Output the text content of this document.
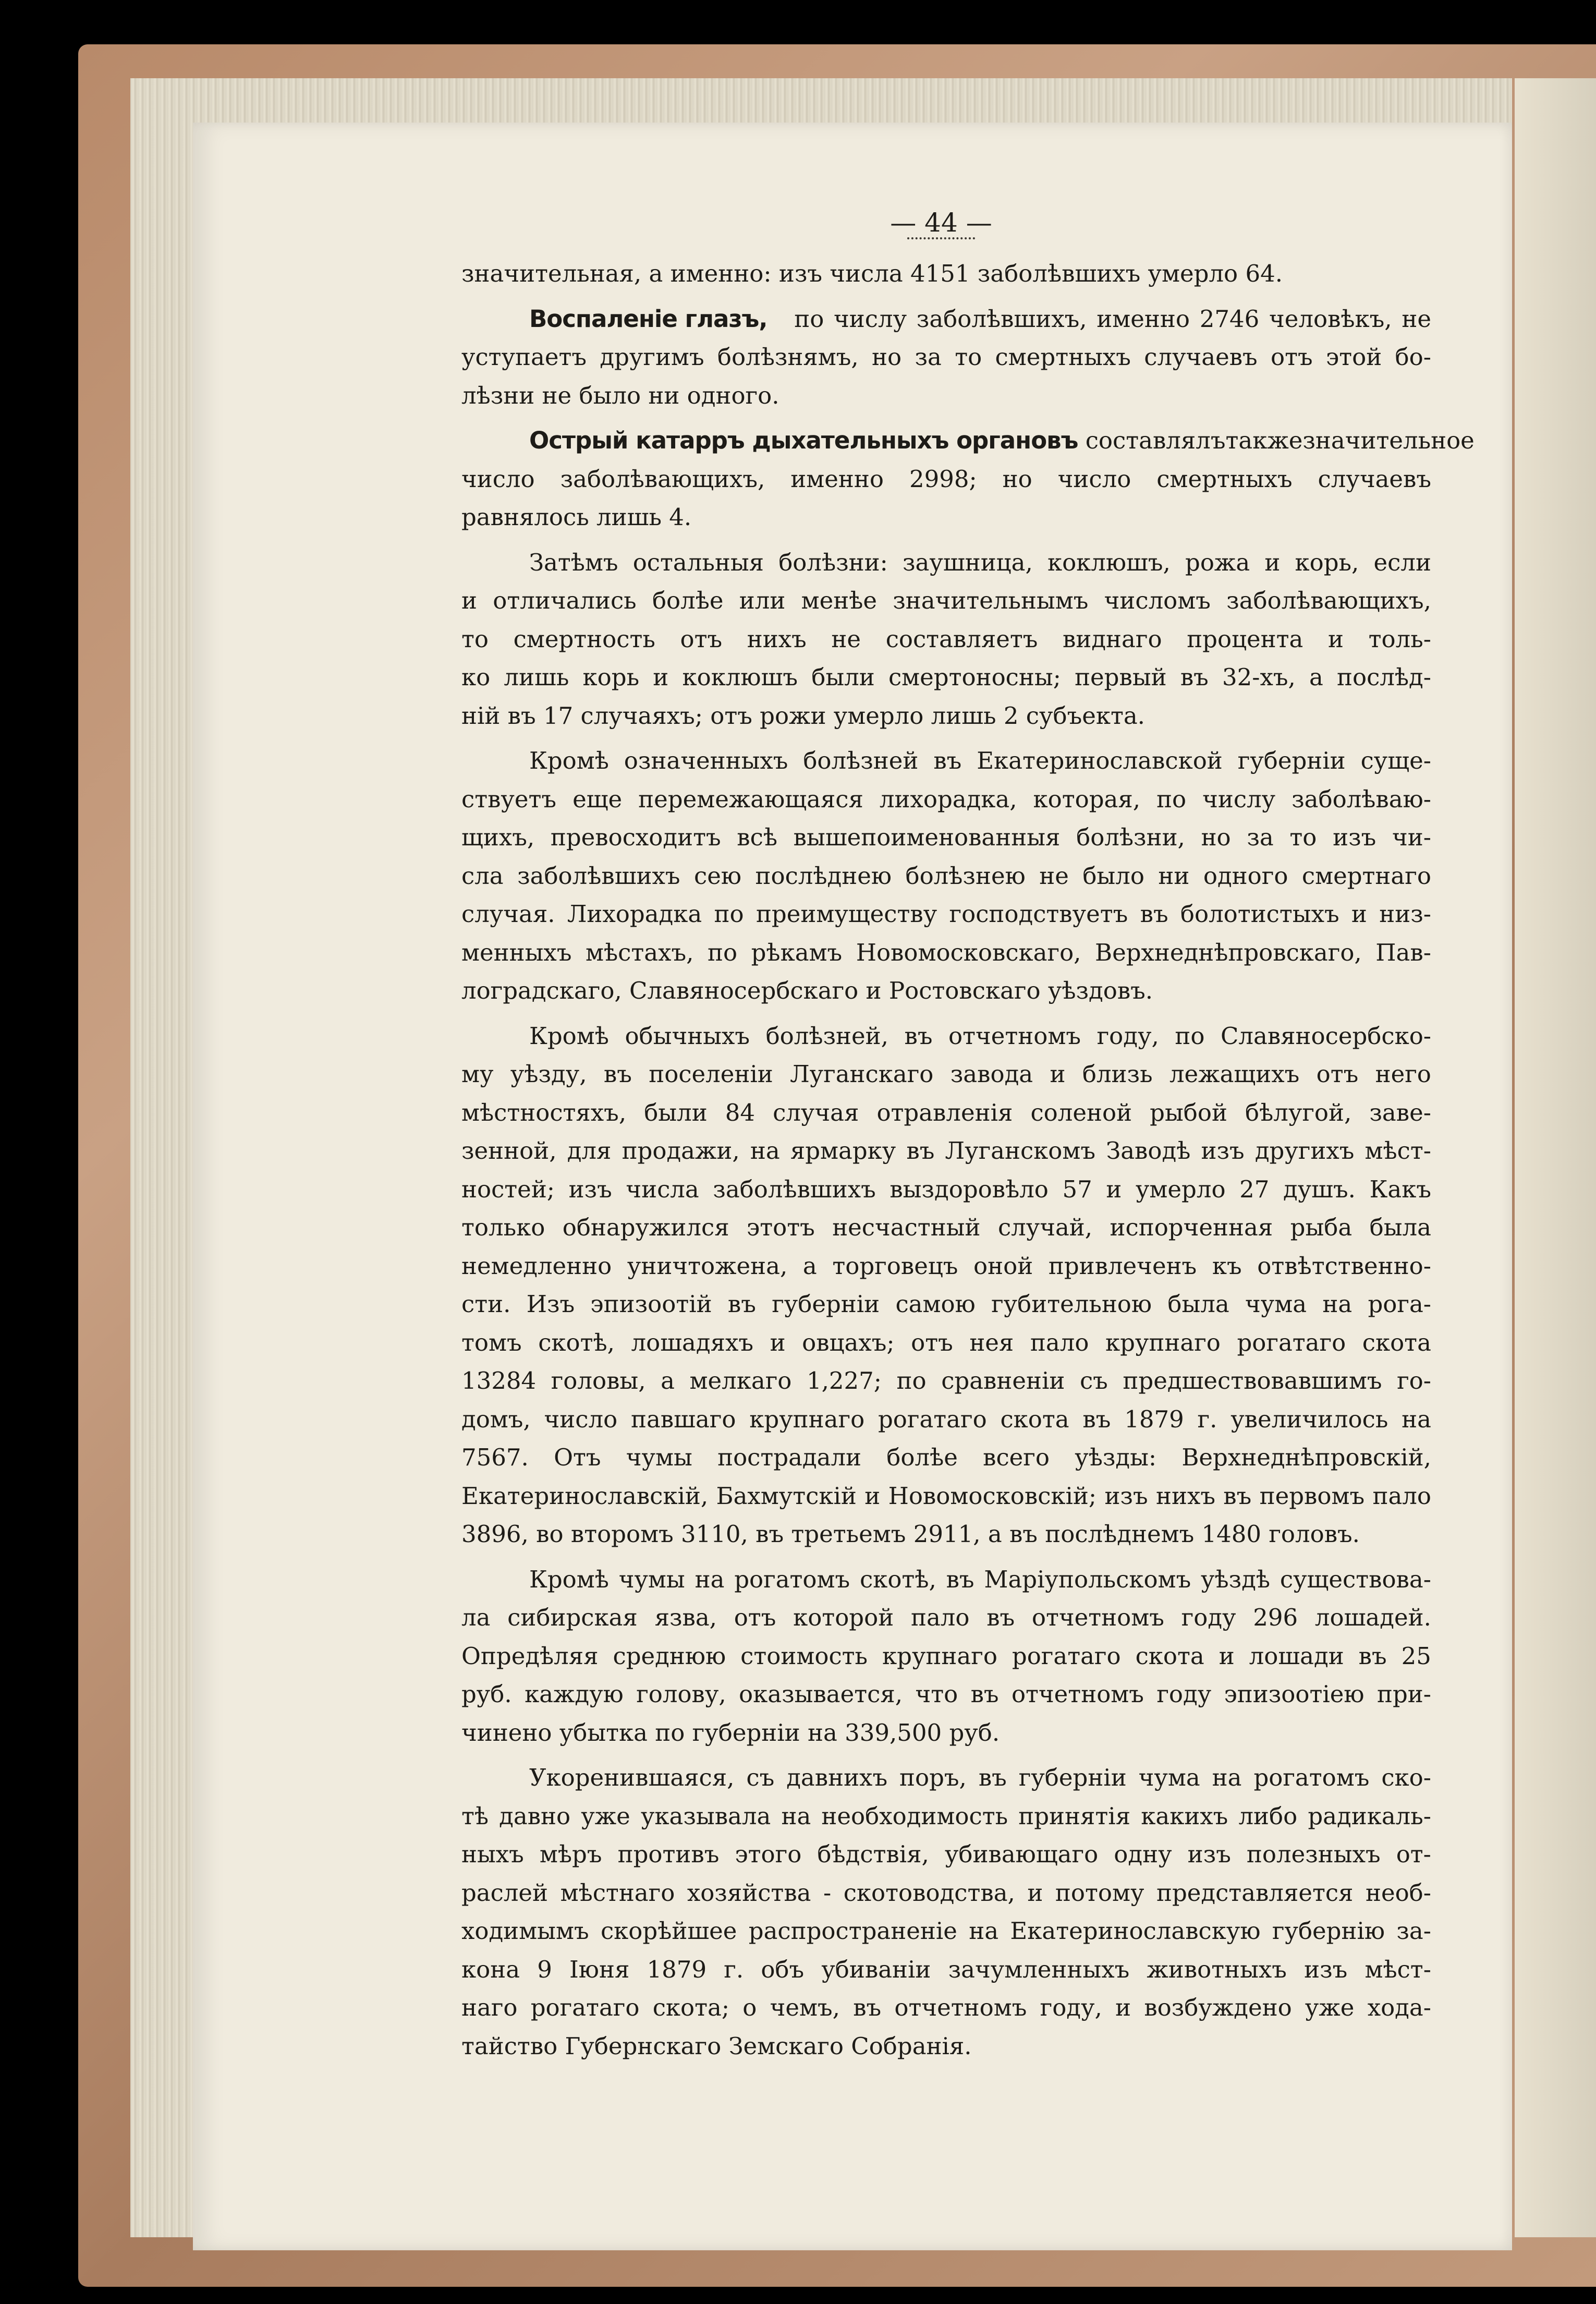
— 44 —
значительная, а именно: изъ числа 4151 заболѣвшихъ умерло 64.
Воспаленіе глазъ,
по числу заболѣвшихъ, именно 2746 человѣкъ, не
уступаетъ другимъ болѣзнямъ, но за то смертныхъ случаевъ отъ этой бо-
лѣзни не было ни одного.
Острый катарръ дыхательныхъ органовъ
составлялъ также значительное
число заболѣвающихъ, именно 2998; но число смертныхъ случаевъ
равнялось лишь 4.
Затѣмъ остальныя болѣзни: заушница, коклюшъ, рожа и корь, если
и отличались болѣе или менѣе значительнымъ числомъ заболѣвающихъ,
то смертность отъ нихъ не составляетъ виднаго процента и толь-
ко лишь корь и коклюшъ были смертоносны; первый въ 32-хъ, а послѣд-
ній въ 17 случаяхъ; отъ рожи умерло лишь 2 субъекта.
Кромѣ означенныхъ болѣзней въ Екатеринославской губерніи суще-
ствуетъ еще перемежающаяся лихорадка, которая, по числу заболѣваю-
щихъ, превосходитъ всѣ вышепоименованныя болѣзни, но за то изъ чи-
сла заболѣвшихъ сею послѣднею болѣзнею не было ни одного смертнаго
случая. Лихорадка по преимуществу господствуетъ въ болотистыхъ и низ-
менныхъ мѣстахъ, по рѣкамъ Новомосковскаго, Верхнеднѣпровскаго, Пав-
лоградскаго, Славяносербскаго и Ростовскаго уѣздовъ.
Кромѣ обычныхъ болѣзней, въ отчетномъ году, по Славяносербско-
му уѣзду, въ поселеніи Луганскаго завода и близь лежащихъ отъ него
мѣстностяхъ, были 84 случая отравленія соленой рыбой бѣлугой, заве-
зенной, для продажи, на ярмарку въ Луганскомъ Заводѣ изъ другихъ мѣст-
ностей; изъ числа заболѣвшихъ выздоровѣло 57 и умерло 27 душъ. Какъ
только обнаружился этотъ несчастный случай, испорченная рыба была
немедленно уничтожена, а торговецъ оной привлеченъ къ отвѣтственно-
сти. Изъ эпизоотій въ губерніи самою губительною была чума на рога-
томъ скотѣ, лошадяхъ и овцахъ; отъ нея пало крупнаго рогатаго скота
13284 головы, а мелкаго 1,227; по сравненіи съ предшествовавшимъ го-
домъ, число павшаго крупнаго рогатаго скота въ 1879 г. увеличилось на
7567. Отъ чумы пострадали болѣе всего уѣзды: Верхнеднѣпровскій,
Екатеринославскій, Бахмутскій и Новомосковскій; изъ нихъ въ первомъ пало
3896, во второмъ 3110, въ третьемъ 2911, а въ послѣднемъ 1480 головъ.
Кромѣ чумы на рогатомъ скотѣ, въ Маріупольскомъ уѣздѣ существова-
ла сибирская язва, отъ которой пало въ отчетномъ году 296 лошадей.
Опредѣляя среднюю стоимость крупнаго рогатаго скота и лошади въ 25
руб. каждую голову, оказывается, что въ отчетномъ году эпизоотіею при-
чинено убытка по губерніи на 339,500 руб.
Укоренившаяся, съ давнихъ поръ, въ губерніи чума на рогатомъ ско-
тѣ давно уже указывала на необходимость принятія какихъ либо радикаль-
ныхъ мѣръ противъ этого бѣдствія, убивающаго одну изъ полезныхъ от-
раслей мѣстнаго хозяйства - скотоводства, и потому представляется необ-
ходимымъ скорѣйшее распространеніе на Екатеринославскую губернію за-
кона 9 Іюня 1879 г. объ убиваніи зачумленныхъ животныхъ изъ мѣст-
наго рогатаго скота; о чемъ, въ отчетномъ году, и возбуждено уже хода-
тайство Губернскаго Земскаго Собранія.
